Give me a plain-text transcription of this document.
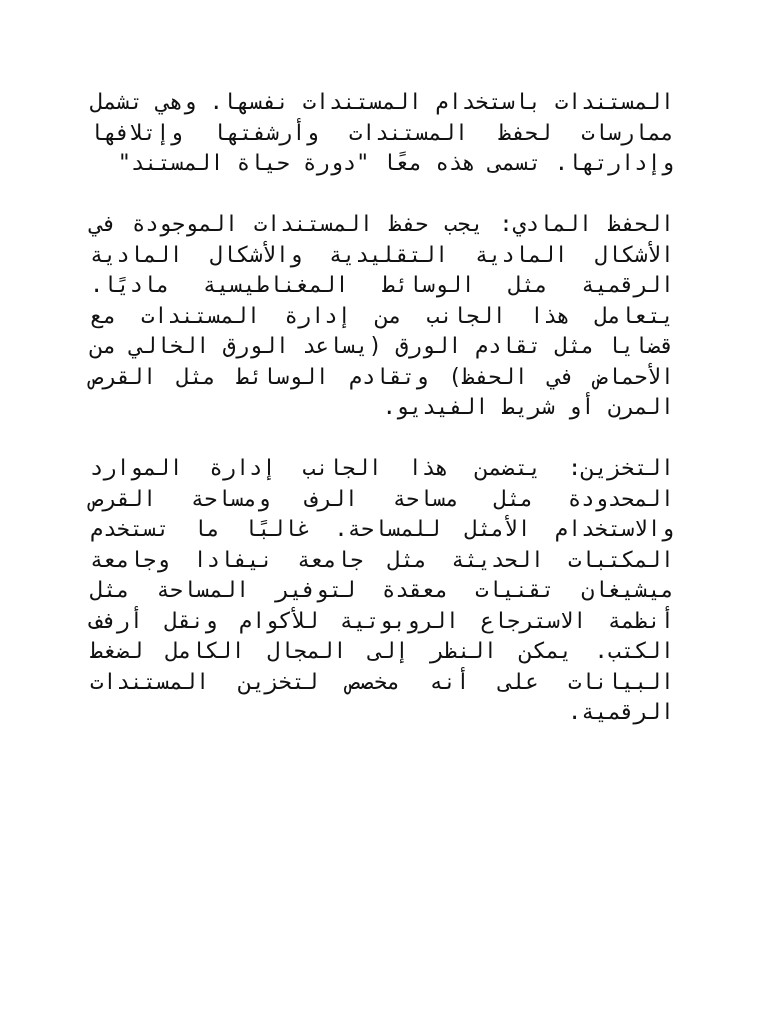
المستندات باستخدام المستندات نفسها. وهي تشمل ممارسات لحفظ المستندات وأرشفتها وإتلافها وإدارتها. تسمى هذه معًا "دورة حياة المستند"

الحفظ المادي: يجب حفظ المستندات الموجودة في الأشكال المادية التقليدية والأشكال المادية الرقمية مثل الوسائط المغناطيسية ماديًا. يتعامل هذا الجانب من إدارة المستندات مع قضايا مثل تقادم الورق (يساعد الورق الخالي من الأحماض في الحفظ) وتقادم الوسائط مثل القرص المرن أو شريط الفيديو.

التخزين: يتضمن هذا الجانب إدارة الموارد المحدودة مثل مساحة الرف ومساحة القرص والاستخدام الأمثل للمساحة. غالبًا ما تستخدم المكتبات الحديثة مثل جامعة نيفادا وجامعة ميشيغان تقنيات معقدة لتوفير المساحة مثل أنظمة الاسترجاع الروبوتية للأكوام ونقل أرفف الكتب. يمكن النظر إلى المجال الكامل لضغط البيانات على أنه مخصص لتخزين المستندات الرقمية.
